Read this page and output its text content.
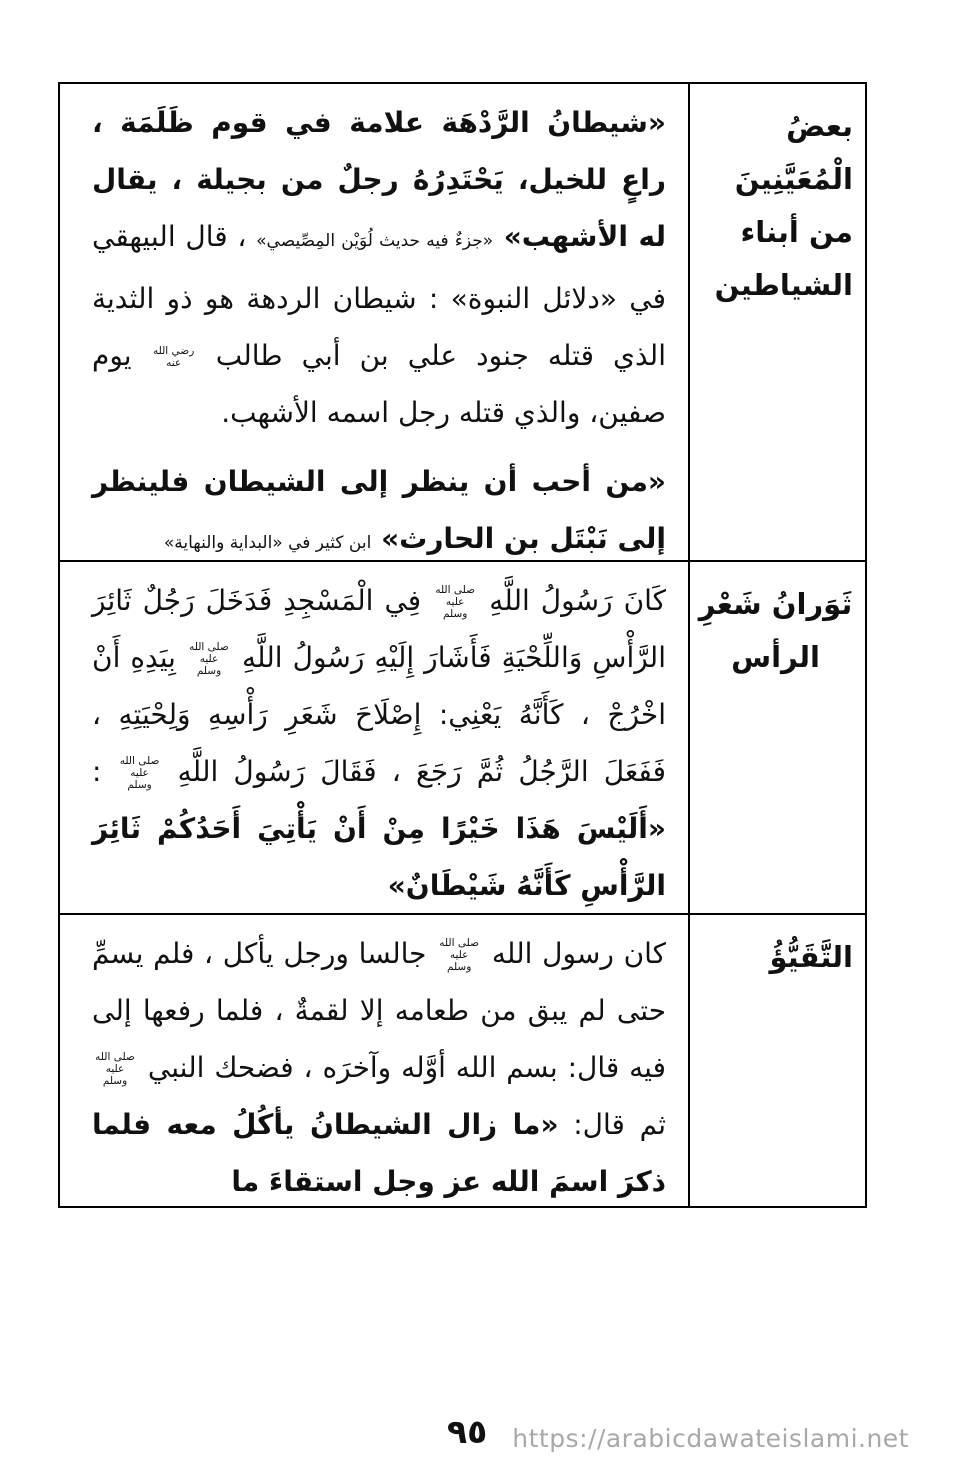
بعضُ الْمُعَيَّنِينَ من أبناء الشياطين

«شيطانُ الرَّدْهَة علامة في قوم ظَلَمَة ، راعٍ للخيل، يَحْتَدِرُهُ رجلٌ من بجيلة ، يقال له الأشهب» «جزءٌ فيه حديث لُوَيْن المِصِّيصي» ، قال البيهقي في «دلائل النبوة» : شيطان الردهة هو ذو الثدية الذي قتله جنود علي بن أبي طالب رضي الله عنه يوم صفين، والذي قتله رجل اسمه الأشهب.

«من أحب أن ينظر إلى الشيطان فلينظر إلى نَبْتَل بن الحارث» ابن كثير في «البداية والنهاية»

ثَوَرانُ شَعْرِ الرأس

كَانَ رَسُولُ اللَّهِ صلى الله عليه وسلم فِي الْمَسْجِدِ فَدَخَلَ رَجُلٌ ثَائِرَ الرَّأْسِ وَاللِّحْيَةِ فَأَشَارَ إِلَيْهِ رَسُولُ اللَّهِ صلى الله عليه وسلم بِيَدِهِ أَنْ اخْرُجْ ، كَأَنَّهُ يَعْنِي: إِصْلَاحَ شَعَرِ رَأْسِهِ وَلِحْيَتِهِ ، فَفَعَلَ الرَّجُلُ ثُمَّ رَجَعَ ، فَقَالَ رَسُولُ اللَّهِ صلى الله عليه وسلم : «أَلَيْسَ هَذَا خَيْرًا مِنْ أَنْ يَأْتِيَ أَحَدُكُمْ ثَائِرَ الرَّأْسِ كَأَنَّهُ شَيْطَانٌ»

التَّقَيُّؤُ

كان رسول الله صلى الله عليه وسلم جالسا ورجل يأكل ، فلم يسمِّ حتى لم يبق من طعامه إلا لقمةٌ ، فلما رفعها إلى فيه قال: بسم الله أوَّله وآخرَه ، فضحك النبي صلى الله عليه وسلم ثم قال: «ما زال الشيطانُ يأكُلُ معه فلما ذكرَ اسمَ الله عز وجل استقاءَ ما

٩٥ https://arabicdawateislami.net
